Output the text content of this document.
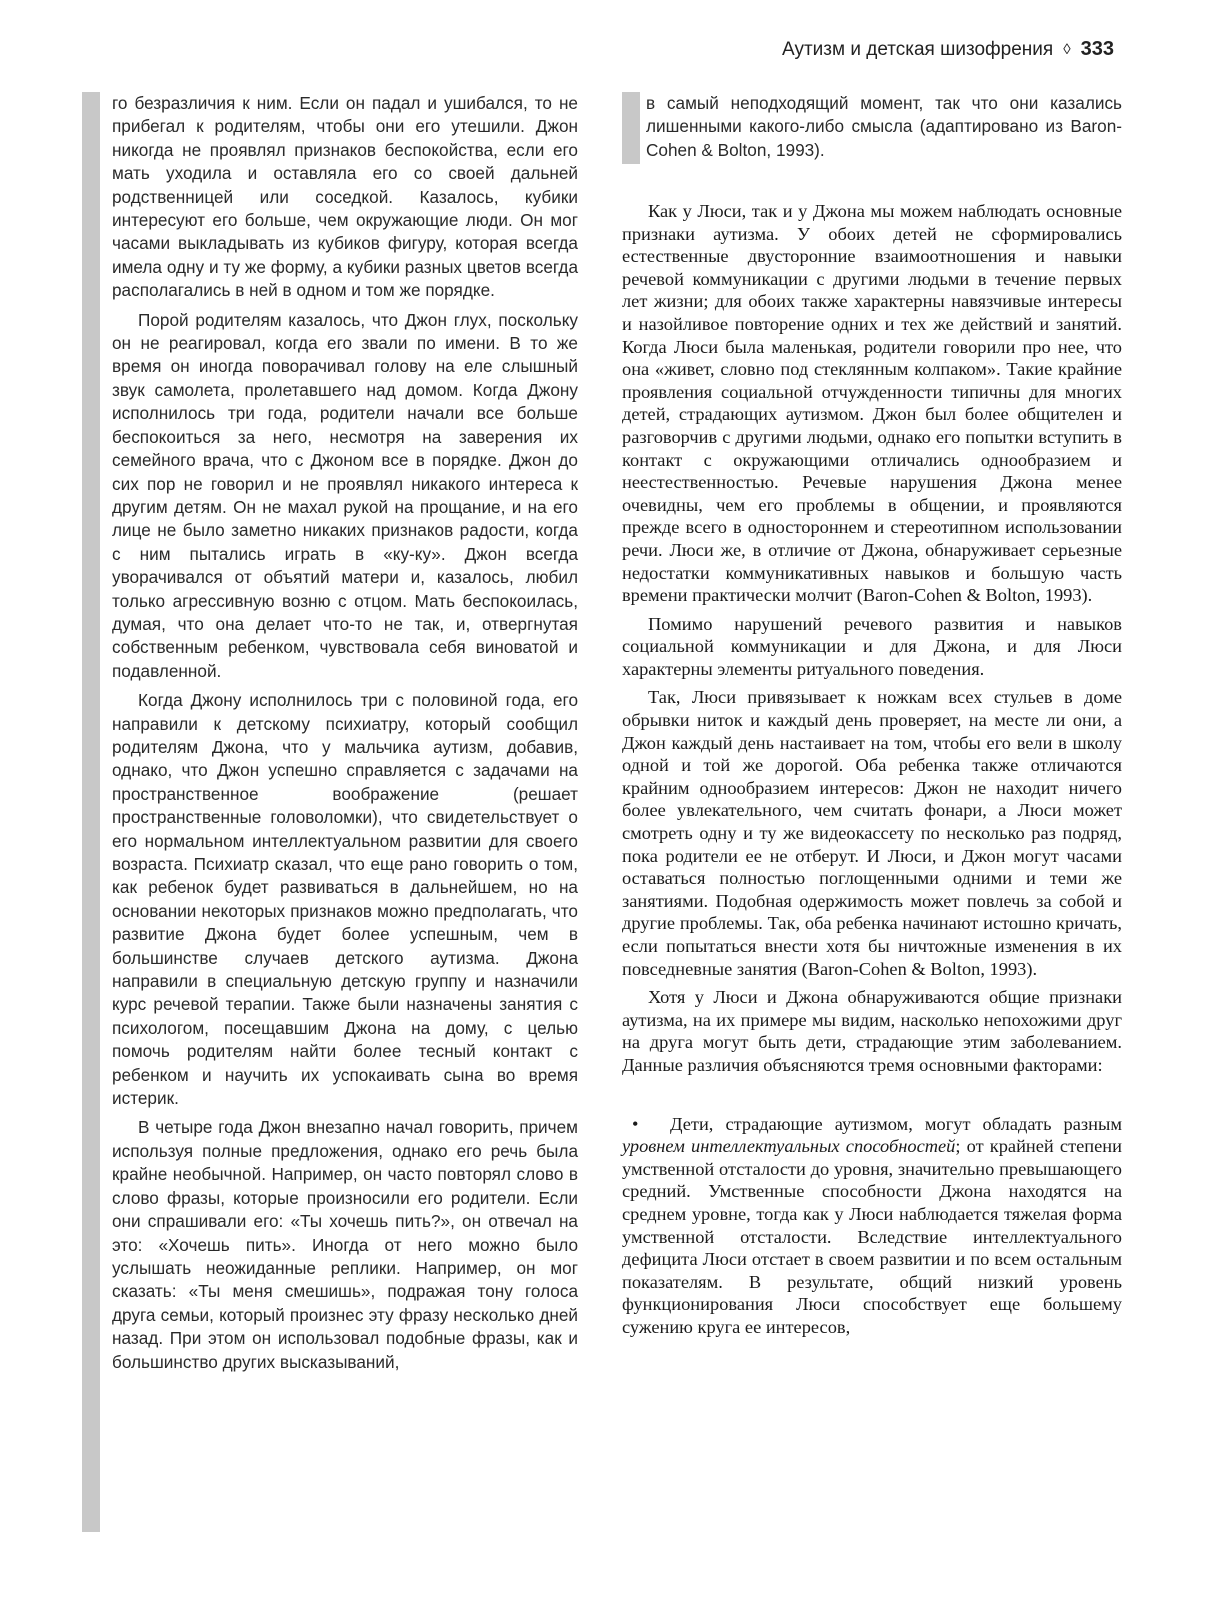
Аутизм и детская шизофрения ◊ 333

го безразличия к ним. Если он падал и ушибался, то не прибегал к родителям, чтобы они его утешили. Джон никогда не проявлял признаков беспокойства, если его мать уходила и оставляла его со своей дальней родственницей или соседкой. Казалось, кубики интересуют его больше, чем окружающие люди. Он мог часами выкладывать из кубиков фигуру, которая всегда имела одну и ту же форму, а кубики разных цветов всегда располагались в ней в одном и том же порядке.

Порой родителям казалось, что Джон глух, поскольку он не реагировал, когда его звали по имени. В то же время он иногда поворачивал голову на еле слышный звук самолета, пролетавшего над домом. Когда Джону исполнилось три года, родители начали все больше беспокоиться за него, несмотря на заверения их семейного врача, что с Джоном все в порядке. Джон до сих пор не говорил и не проявлял никакого интереса к другим детям. Он не махал рукой на прощание, и на его лице не было заметно никаких признаков радости, когда с ним пытались играть в «ку-ку». Джон всегда уворачивался от объятий матери и, казалось, любил только агрессивную возню с отцом. Мать беспокоилась, думая, что она делает что-то не так, и, отвергнутая собственным ребенком, чувствовала себя виноватой и подавленной.

Когда Джону исполнилось три с половиной года, его направили к детскому психиатру, который сообщил родителям Джона, что у мальчика аутизм, добавив, однако, что Джон успешно справляется с задачами на пространственное воображение (решает пространственные головоломки), что свидетельствует о его нормальном интеллектуальном развитии для своего возраста. Психиатр сказал, что еще рано говорить о том, как ребенок будет развиваться в дальнейшем, но на основании некоторых признаков можно предполагать, что развитие Джона будет более успешным, чем в большинстве случаев детского аутизма. Джона направили в специальную детскую группу и назначили курс речевой терапии. Также были назначены занятия с психологом, посещавшим Джона на дому, с целью помочь родителям найти более тесный контакт с ребенком и научить их успокаивать сына во время истерик.

В четыре года Джон внезапно начал говорить, причем используя полные предложения, однако его речь была крайне необычной. Например, он часто повторял слово в слово фразы, которые произносили его родители. Если они спрашивали его: «Ты хочешь пить?», он отвечал на это: «Хочешь пить». Иногда от него можно было услышать неожиданные реплики. Например, он мог сказать: «Ты меня смешишь», подражая тону голоса друга семьи, который произнес эту фразу несколько дней назад. При этом он использовал подобные фразы, как и большинство других высказываний,

в самый неподходящий момент, так что они казались лишенными какого-либо смысла (адаптировано из Baron-Cohen & Bolton, 1993).

Как у Люси, так и у Джона мы можем наблюдать основные признаки аутизма. У обоих детей не сформировались естественные двусторонние взаимоотношения и навыки речевой коммуникации с другими людьми в течение первых лет жизни; для обоих также характерны навязчивые интересы и назойливое повторение одних и тех же действий и занятий. Когда Люси была маленькая, родители говорили про нее, что она «живет, словно под стеклянным колпаком». Такие крайние проявления социальной отчужденности типичны для многих детей, страдающих аутизмом. Джон был более общителен и разговорчив с другими людьми, однако его попытки вступить в контакт с окружающими отличались однообразием и неестественностью. Речевые нарушения Джона менее очевидны, чем его проблемы в общении, и проявляются прежде всего в одностороннем и стереотипном использовании речи. Люси же, в отличие от Джона, обнаруживает серьезные недостатки коммуникативных навыков и большую часть времени практически молчит (Baron-Cohen & Bolton, 1993).

Помимо нарушений речевого развития и навыков социальной коммуникации и для Джона, и для Люси характерны элементы ритуального поведения.

Так, Люси привязывает к ножкам всех стульев в доме обрывки ниток и каждый день проверяет, на месте ли они, а Джон каждый день настаивает на том, чтобы его вели в школу одной и той же дорогой. Оба ребенка также отличаются крайним однообразием интересов: Джон не находит ничего более увлекательного, чем считать фонари, а Люси может смотреть одну и ту же видеокассету по несколько раз подряд, пока родители ее не отберут. И Люси, и Джон могут часами оставаться полностью поглощенными одними и теми же занятиями. Подобная одержимость может повлечь за собой и другие проблемы. Так, оба ребенка начинают истошно кричать, если попытаться внести хотя бы ничтожные изменения в их повседневные занятия (Baron-Cohen & Bolton, 1993).

Хотя у Люси и Джона обнаруживаются общие признаки аутизма, на их примере мы видим, насколько непохожими друг на друга могут быть дети, страдающие этим заболеванием. Данные различия объясняются тремя основными факторами:

•	Дети, страдающие аутизмом, могут обладать разным уровнем интеллектуальных способностей; от крайней степени умственной отсталости до уровня, значительно превышающего средний. Умственные способности Джона находятся на среднем уровне, тогда как у Люси наблюдается тяжелая форма умственной отсталости. Вследствие интеллектуального дефицита Люси отстает в своем развитии и по всем остальным показателям. В результате, общий низкий уровень функционирования Люси способствует еще большему сужению круга ее интересов,
